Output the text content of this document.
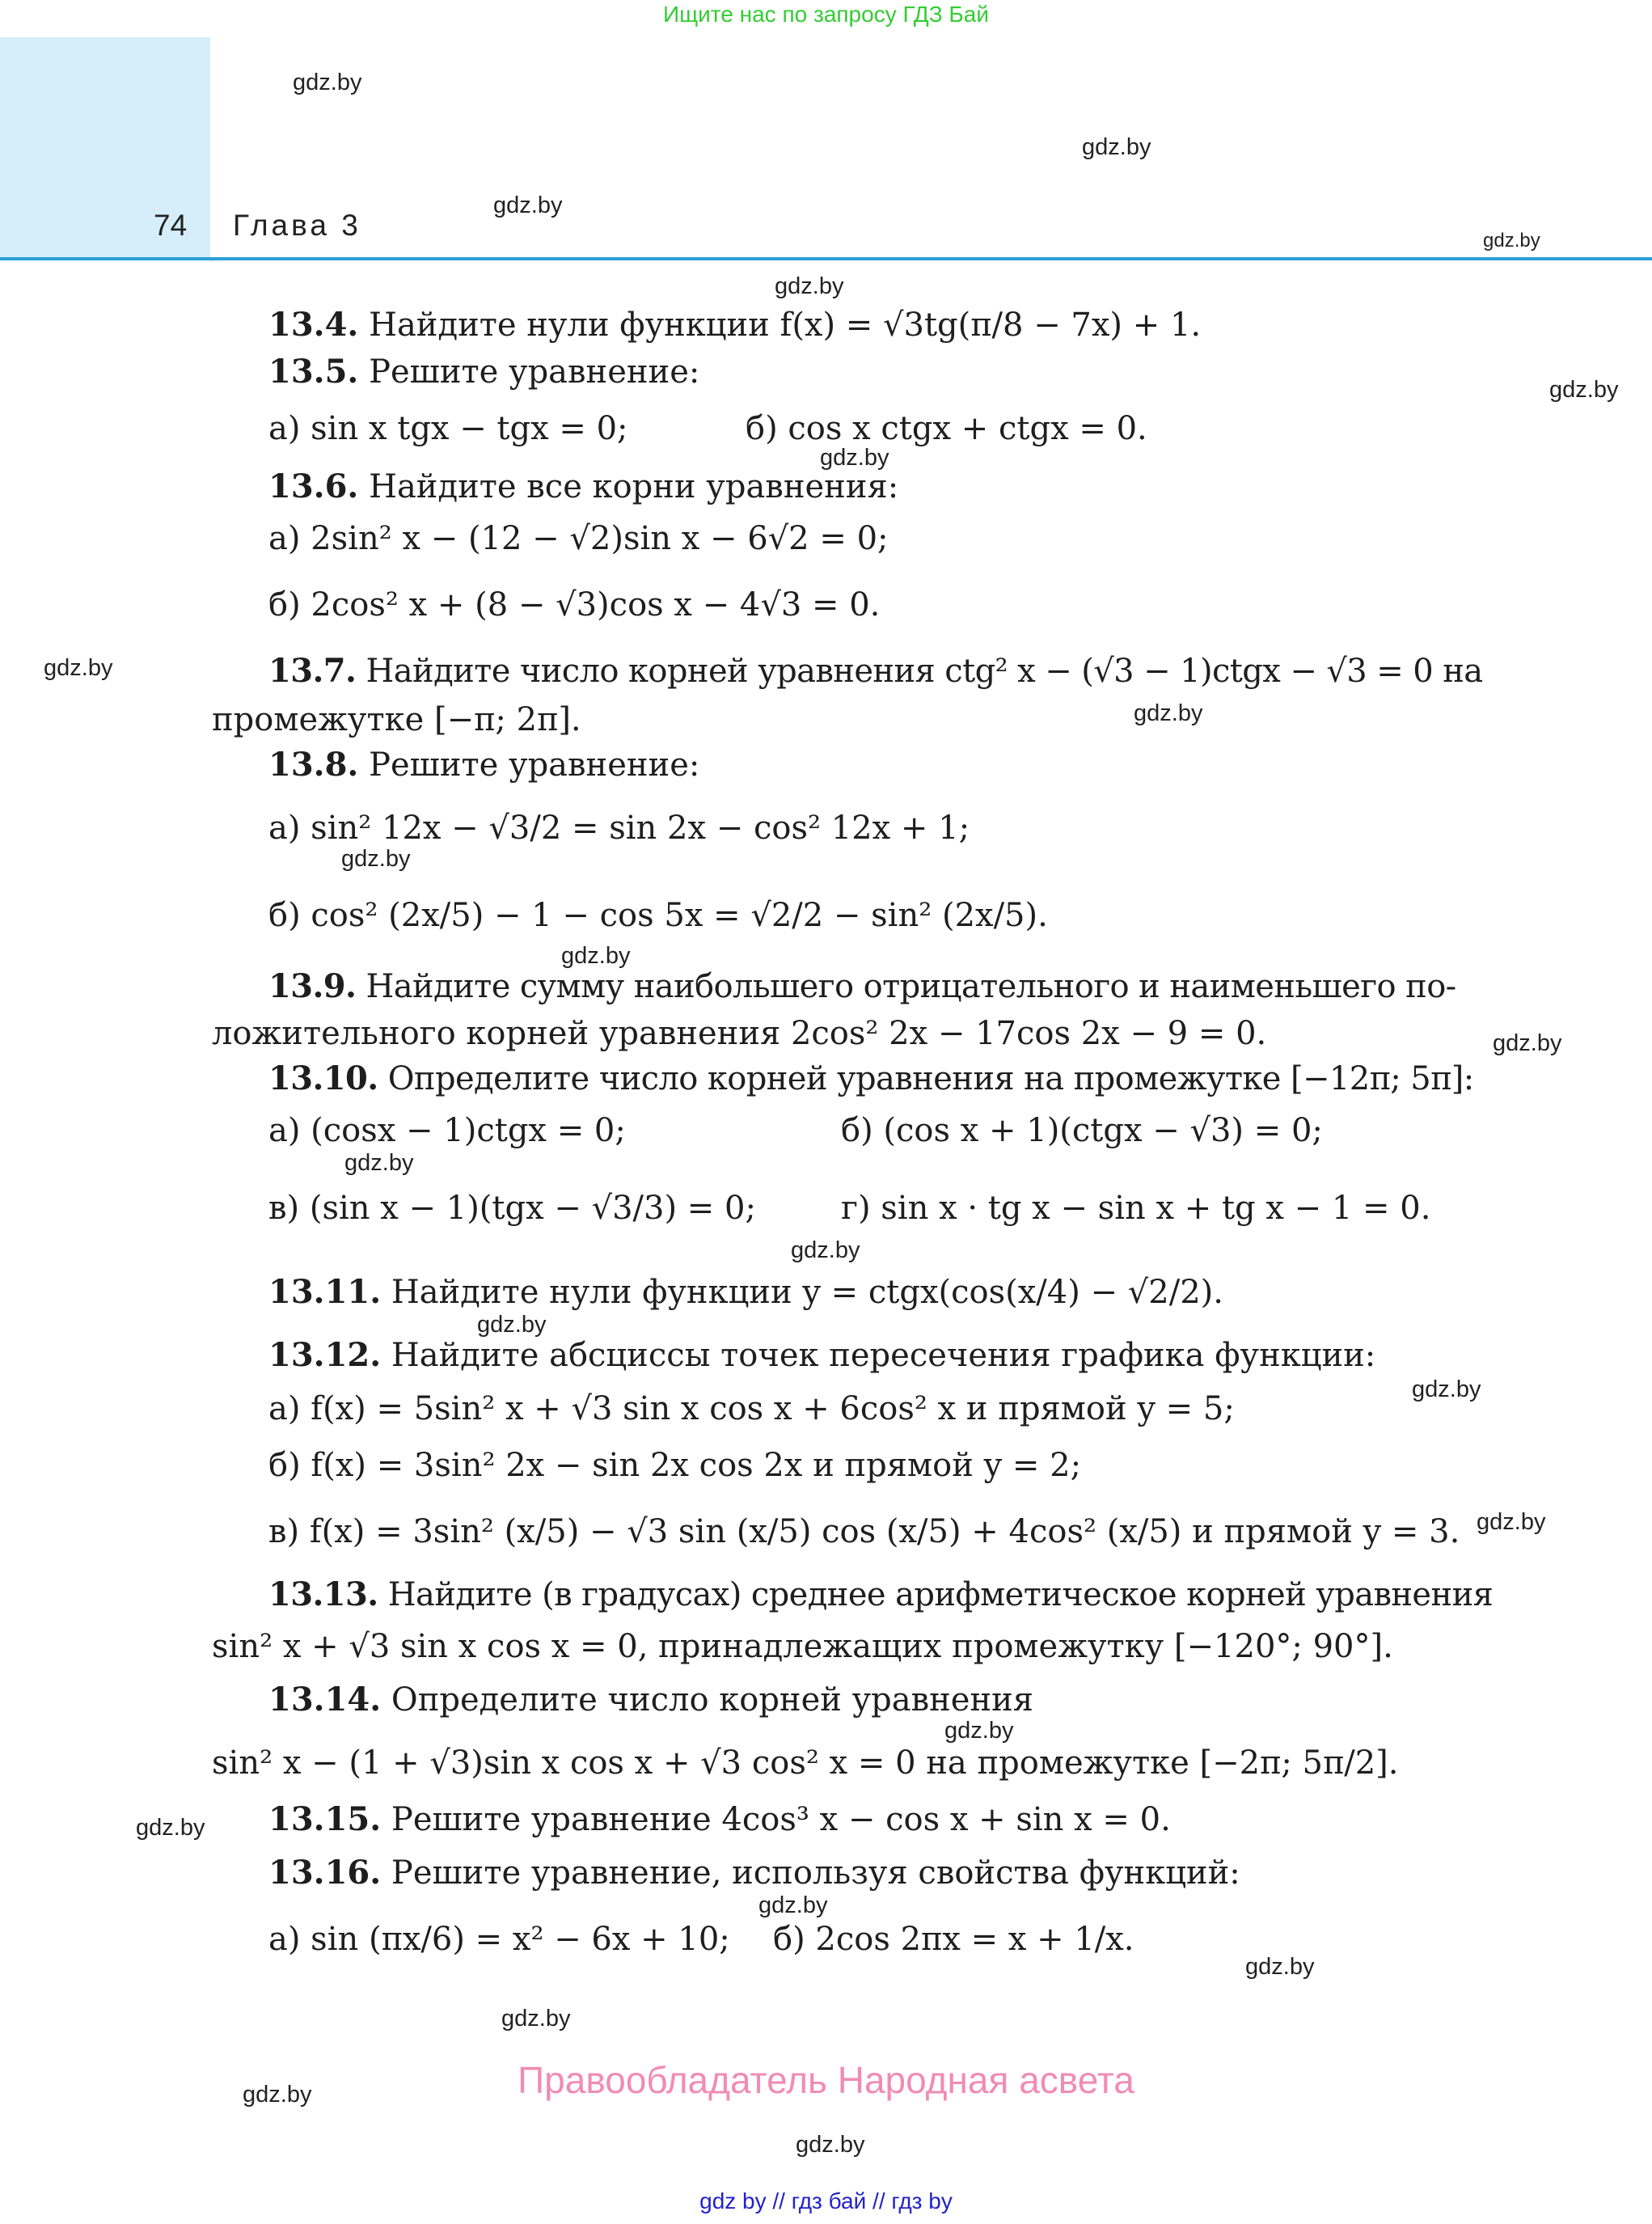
Ищите нас по запросу ГДЗ Бай
74 Глава 3
gdz.by
gdz.by
gdz.by
gdz.by
gdz.by
gdz.by
gdz.by
gdz.by
gdz.by
gdz.by
gdz.by
gdz.by
gdz.by
gdz.by
gdz.by
gdz.by
gdz.by
gdz.by
gdz.by
gdz.by
gdz.by
gdz.by
gdz.by
gdz.by
13.4. Найдите нули функции f(x) = √3tg(π/8 − 7x) + 1.
13.5. Решите уравнение:
а) sin x tgx − tgx = 0;	б) cos x ctgx + ctgx = 0.
13.6. Найдите все корни уравнения:
а) 2sin² x − (12 − √2)sin x − 6√2 = 0;
б) 2cos² x + (8 − √3)cos x − 4√3 = 0.
13.7. Найдите число корней уравнения ctg² x − (√3 − 1)ctgx − √3 = 0 на
промежутке [−π; 2π].
13.8. Решите уравнение:
а) sin² 12x − √3/2 = sin 2x − cos² 12x + 1;
б) cos² (2x/5) − 1 − cos 5x = √2/2 − sin² (2x/5).
13.9. Найдите сумму наибольшего отрицательного и наименьшего по-
ложительного корней уравнения 2cos² 2x − 17cos 2x − 9 = 0.
13.10. Определите число корней уравнения на промежутке [−12π; 5π]:
а) (cosx − 1)ctgx = 0;	б) (cos x + 1)(ctgx − √3) = 0;
в) (sin x − 1)(tgx − √3/3) = 0;	г) sin x · tg x − sin x + tg x − 1 = 0.
13.11. Найдите нули функции y = ctgx(cos(x/4) − √2/2).
13.12. Найдите абсциссы точек пересечения графика функции:
а) f(x) = 5sin² x + √3 sin x cos x + 6cos² x и прямой y = 5;
б) f(x) = 3sin² 2x − sin 2x cos 2x и прямой y = 2;
в) f(x) = 3sin² (x/5) − √3 sin (x/5) cos (x/5) + 4cos² (x/5) и прямой y = 3.
13.13. Найдите (в градусах) среднее арифметическое корней уравнения
sin² x + √3 sin x cos x = 0, принадлежащих промежутку [−120°; 90°].
13.14. Определите число корней уравнения
sin² x − (1 + √3)sin x cos x + √3 cos² x = 0 на промежутке [−2π; 5π/2].
13.15. Решите уравнение 4cos³ x − cos x + sin x = 0.
13.16. Решите уравнение, используя свойства функций:
а) sin (πx/6) = x² − 6x + 10;	б) 2cos 2πx = x + 1/x.
Правообладатель Народная асвета
gdz by // гдз бай // гдз by
